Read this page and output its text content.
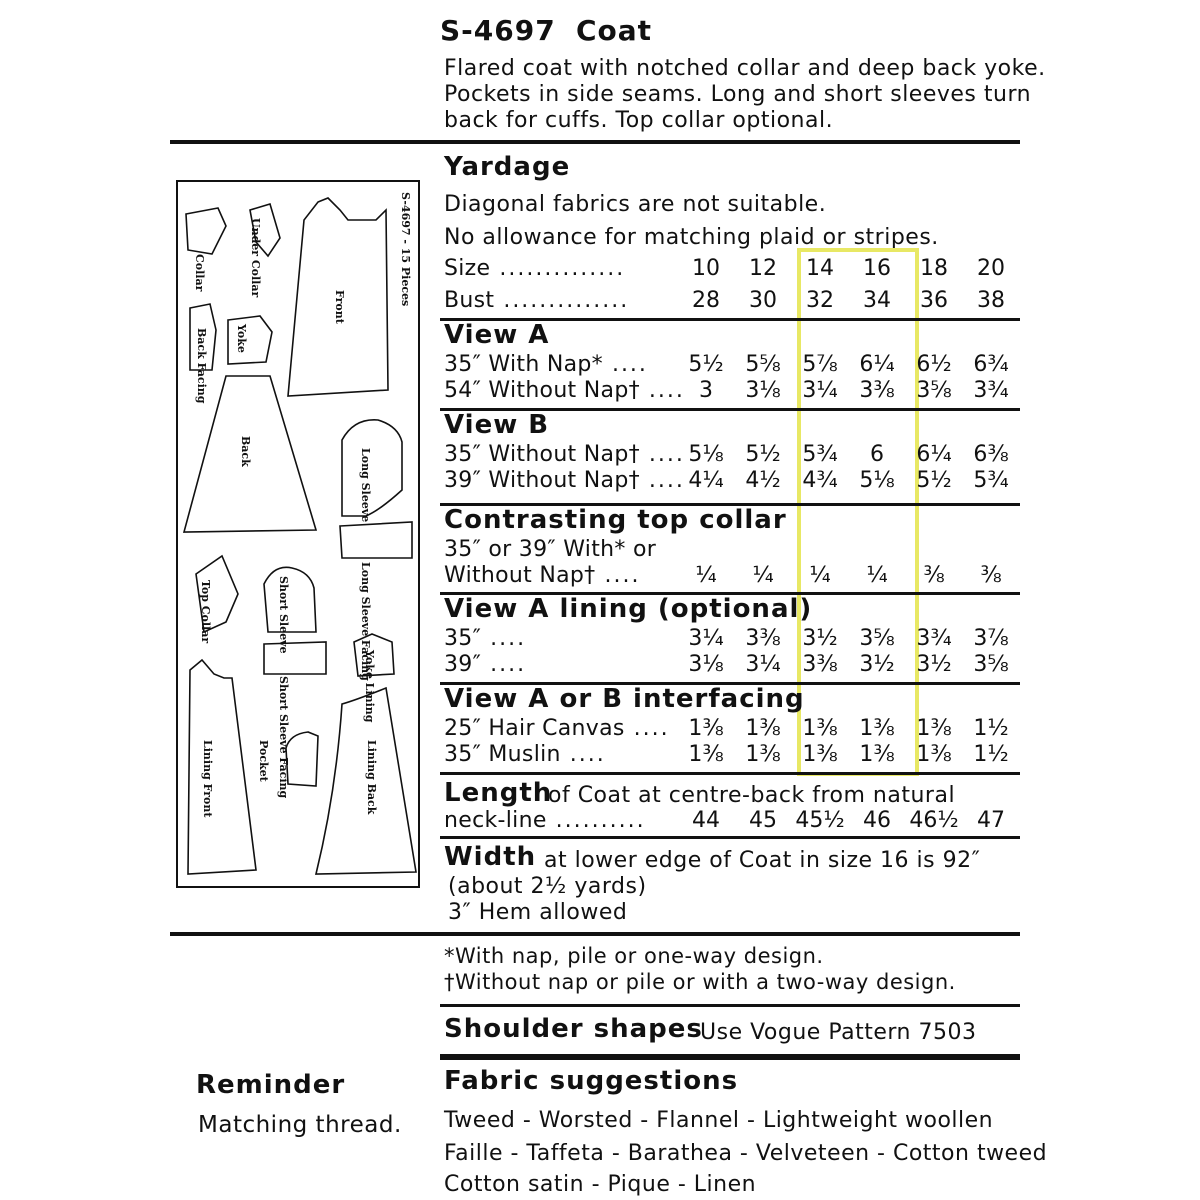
S-4697 Coat
Flared coat with notched collar and deep back yoke.
Pockets in side seams. Long and short sleeves turn
back for cuffs. Top collar optional.
Yardage
Diagonal fabrics are not suitable.
No allowance for matching plaid or stripes.
Size ..............
Bust ..............
10	12	14	16	18	20
28	30	32	34	36	38
View A
35″ With Nap* ....	5½ 5⅝ 5⅞ 6¼ 6½ 6¾
54″ Without Nap† .... 3	3⅛ 3¼ 3⅜ 3⅝ 3¾
View B
35″ Without Nap† .... 5⅛ 5½ 5¾	6	6¼ 6⅜
39″ Without Nap† .... 4¼ 4½ 4¾ 5⅛ 5½ 5¾
Contrasting top collar
35″ or 39″ With* or
Without Nap† ....	¼	¼	¼	¼	⅜	⅜
View A lining (optional)
35″ ....	3¼ 3⅜ 3½ 3⅝ 3¾ 3⅞
39″ ....	3⅛ 3¼ 3⅜ 3½ 3½ 3⅝
View A or B interfacing
25″ Hair Canvas .... 1⅜ 1⅜ 1⅜ 1⅜ 1⅜ 1½
35″ Muslin ....	1⅜ 1⅜ 1⅜ 1⅜ 1⅜ 1½
Length
of Coat at centre-back from natural
neck-line ..........	44	45 45½ 46 46½ 47
Width at lower edge of Coat in size 16 is 92″
(about 2½ yards)
3″ Hem allowed
*With nap, pile or one-way design.
†Without nap or pile or with a two-way design.
Shoulder shapes
Use Vogue Pattern 7503
Fabric suggestions
Tweed - Worsted - Flannel - Lightweight woollen
Faille - Taffeta - Barathea - Velveteen - Cotton tweed
Cotton satin - Pique - Linen
Reminder
Matching thread.
Collar	Under Collar
Front
Back Facing Yoke
Back	Long Sleeve
Long Sleeve Facing
Top Collar	Short Sleeve
Short Sleeve Facing	Yoke Lining
Lining Front	Pocket	Lining Back
S-4697 - 15 Pieces
